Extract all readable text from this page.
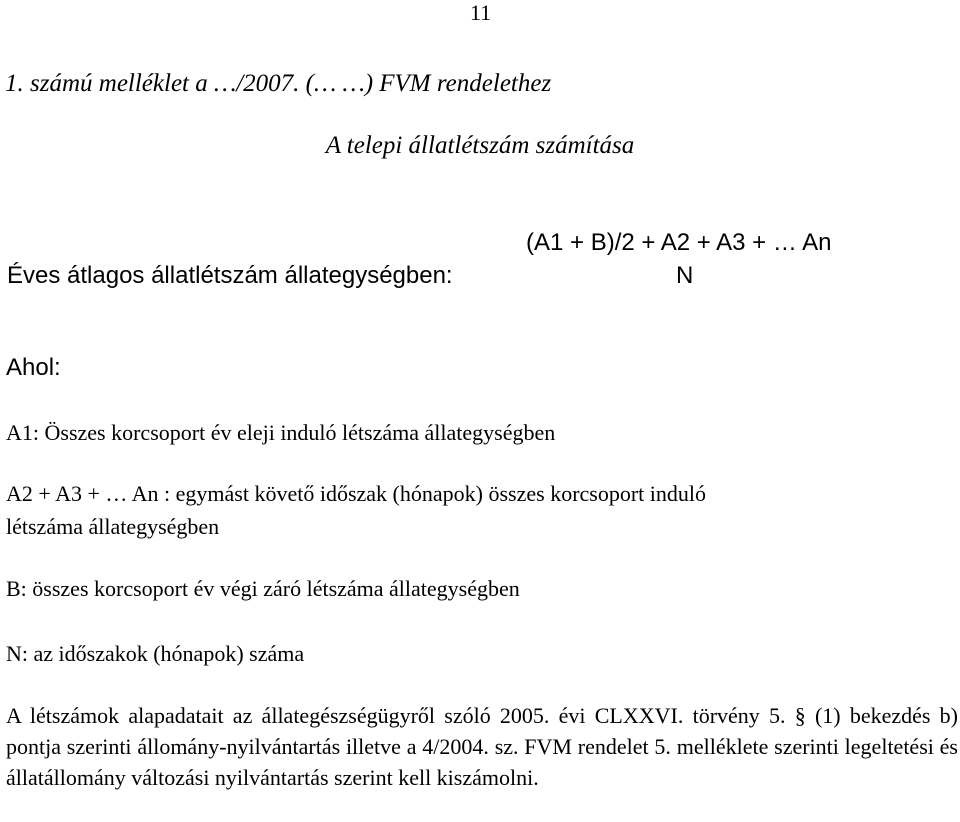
11
1. számú melléklet a …/2007. (… …) FVM rendelethez
A telepi állatlétszám számítása
(A1 + B)/2 + A2 + A3 + … An
Éves átlagos állatlétszám állategységben:	N
Ahol:
A1: Összes korcsoport év eleji induló létszáma állategységben
A2 + A3 + … An : egymást követő időszak (hónapok) összes korcsoport induló
létszáma állategységben
B: összes korcsoport év végi záró létszáma állategységben
N: az időszakok (hónapok) száma
A létszámok alapadatait az állategészségügyről szóló 2005. évi CLXXVI. törvény 5. § (1) bekezdés b) pontja szerinti állomány-nyilvántartás illetve a 4/2004. sz. FVM rendelet 5. melléklete szerinti legeltetési és állatállomány változási nyilvántartás szerint kell kiszámolni.
